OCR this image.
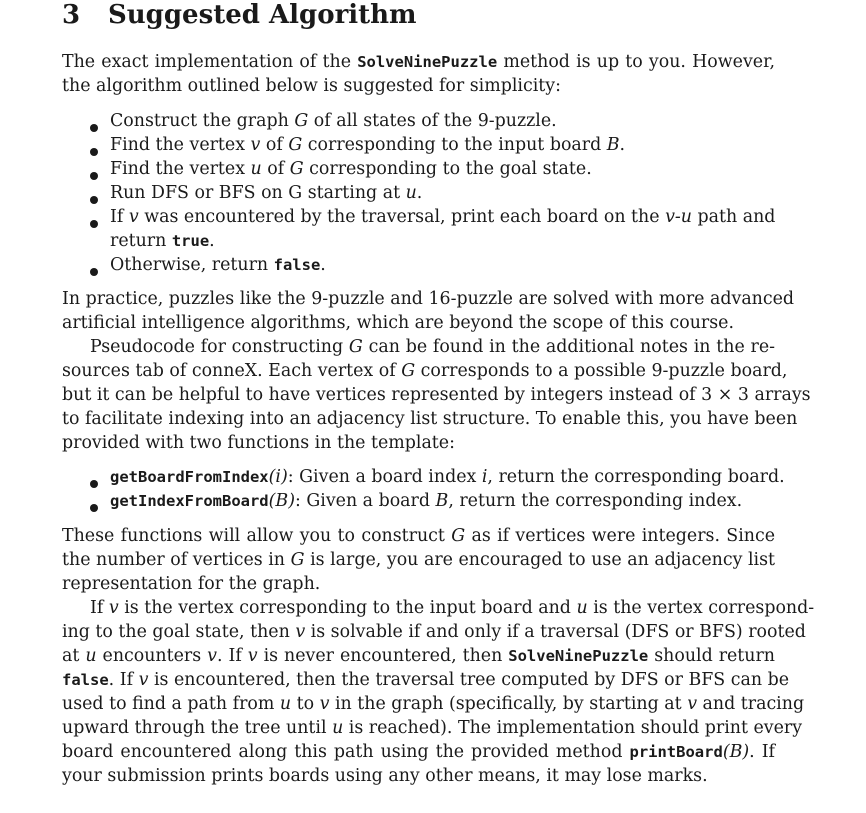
3 Suggested Algorithm
The exact implementation of the SolveNinePuzzle method is up to you. However,
the algorithm outlined below is suggested for simplicity:
Construct the graph G of all states of the 9-puzzle.
Find the vertex v of G corresponding to the input board B.
Find the vertex u of G corresponding to the goal state.
Run DFS or BFS on G starting at u.
If v was encountered by the traversal, print each board on the v-u path and
return true.
Otherwise, return false.
In practice, puzzles like the 9-puzzle and 16-puzzle are solved with more advanced
artificial intelligence algorithms, which are beyond the scope of this course.
Pseudocode for constructing G can be found in the additional notes in the re-
sources tab of conneX. Each vertex of G corresponds to a possible 9-puzzle board,
but it can be helpful to have vertices represented by integers instead of 3 × 3 arrays
to facilitate indexing into an adjacency list structure. To enable this, you have been
provided with two functions in the template:
getBoardFromIndex(i): Given a board index i, return the corresponding board.
getIndexFromBoard(B): Given a board B, return the corresponding index.
These functions will allow you to construct G as if vertices were integers. Since
the number of vertices in G is large, you are encouraged to use an adjacency list
representation for the graph.
If v is the vertex corresponding to the input board and u is the vertex correspond-
ing to the goal state, then v is solvable if and only if a traversal (DFS or BFS) rooted
at u encounters v. If v is never encountered, then SolveNinePuzzle should return
false. If v is encountered, then the traversal tree computed by DFS or BFS can be
used to find a path from u to v in the graph (specifically, by starting at v and tracing
upward through the tree until u is reached). The implementation should print every
board encountered along this path using the provided method printBoard(B). If
your submission prints boards using any other means, it may lose marks.
